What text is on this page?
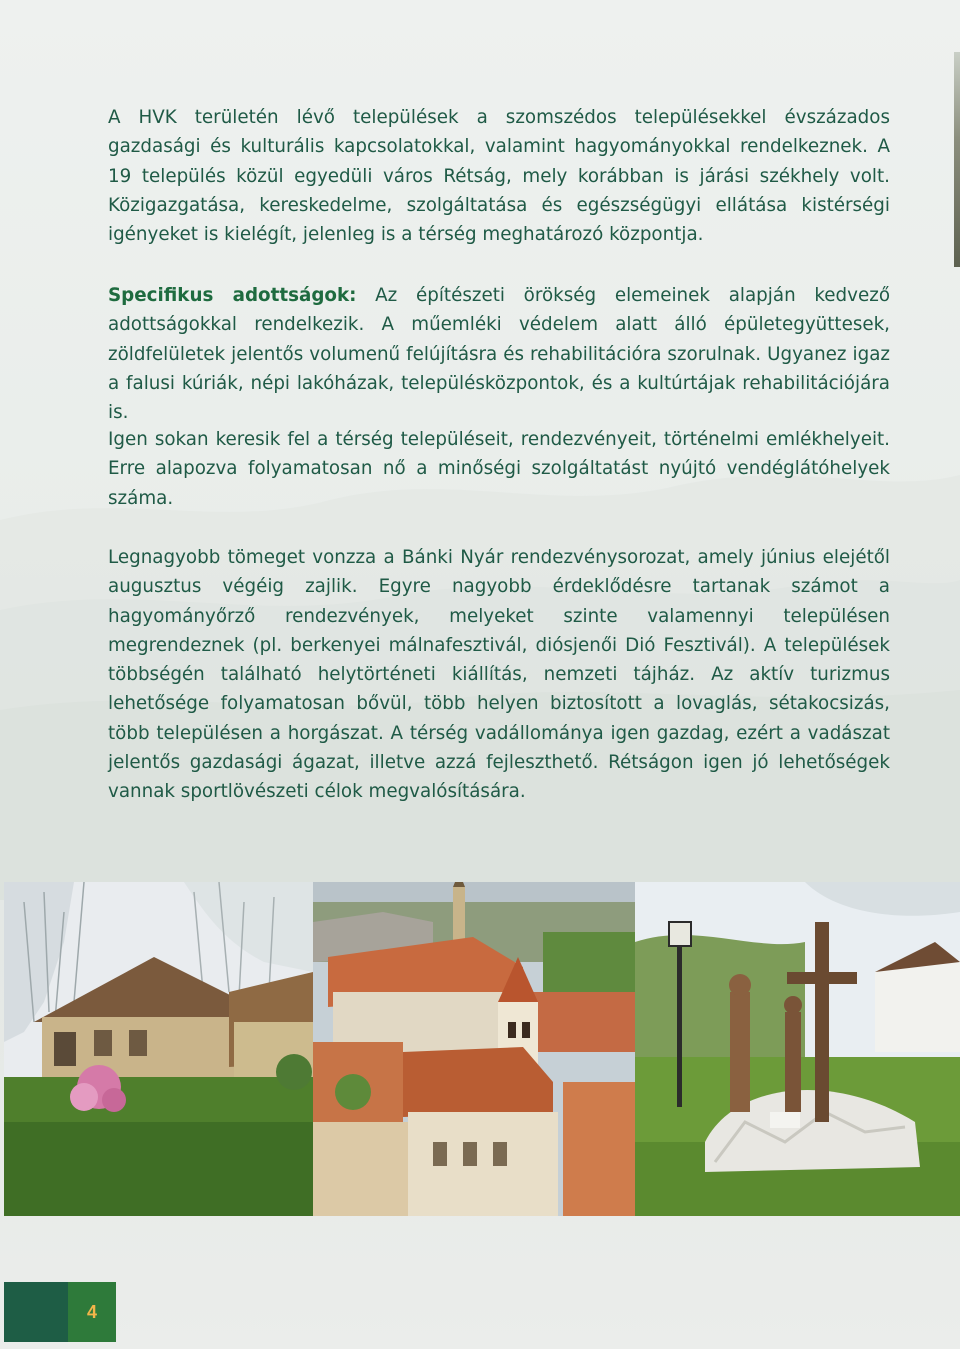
A HVK területén lévő települések a szomszédos településekkel évszázados gazdasági és kulturális kapcsolatokkal, valamint hagyományokkal rendelkeznek. A 19 település közül egyedüli város Rétság, mely korábban is járási székhely volt. Közigazgatása, kereskedelme, szolgáltatása és egészségügyi ellátása kistérségi igényeket is kielégít, jelenleg is a térség meghatározó központja.

Specifikus adottságok: Az építészeti örökség elemeinek alapján kedvező adottságokkal rendelkezik. A műemléki védelem alatt álló épületegyüttesek, zöldfelületek jelentős volumenű felújításra és rehabilitációra szorulnak. Ugyanez igaz a falusi kúriák, népi lakóházak, településközpontok, és a kultúrtájak rehabilitációjára is.

Igen sokan keresik fel a térség településeit, rendezvényeit, történelmi emlékhelyeit. Erre alapozva folyamatosan nő a minőségi szolgáltatást nyújtó vendéglátóhelyek száma.

Legnagyobb tömeget vonzza a Bánki Nyár rendezvénysorozat, amely június elejétől augusztus végéig zajlik. Egyre nagyobb érdeklődésre tartanak számot a hagyományőrző rendezvények, melyeket szinte valamennyi településen megrendeznek (pl. berkenyei málnafesztivál, diósjenői Dió Fesztivál). A települések többségén található helytörténeti kiállítás, nemzeti tájház. Az aktív turizmus lehetősége folyamatosan bővül, több helyen biztosított a lovaglás, sétakocsizás, több településen a horgászat. A térség vadállománya igen gazdag, ezért a vadászat jelentős gazdasági ágazat, illetve azzá fejleszthető. Rétságon igen jó lehetőségek vannak sportlövészeti célok megvalósítására.

4
